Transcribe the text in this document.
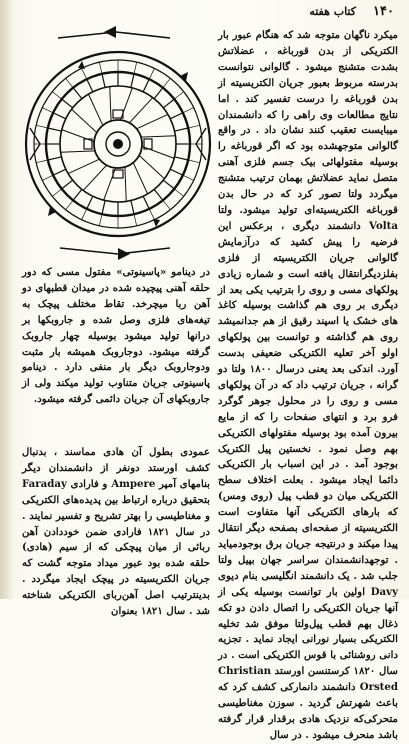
کتاب هفته ۱۴۰

میکرد ناگهان متوجه شد که هنگام عبور بار الکتریکی از بدن قورباغه ، عضلاتش بشدت متشنج میشود . گالوانی نتوانست بدرسته مربوط بعبور جریان الکتریسیته از بدن قورباغه را درست تفسیر کند . اما نتایج مطالعات وی راهی را که دانشمندان میبایست تعقیب کنند نشان داد . در واقع گالوانی متوجهشده بود که اگر قورباغه را بوسیله مفتولهائی بیک جسم فلزی آهنی متصل نماید عضلاتش بهمان ترتیب متشنج میگردد ولتا تصور کرد که در حال بدن قورباغه الکتریسیته‌ای تولید میشود. ولتا Volta دانشمند دیگری ، برعکس این فرضیه را پیش کشید که درآزمایش گالوانی جریان الکتریسیته از فلزی بفلزدیگرانتقال یافته است و شماره زیادی پولکهای مسی و روی را بترتیب یکی بعد از دیگری بر روی هم گذاشت بوسیله کاغذ های خشک یا اسپند رقیق از هم جدانمیشد روی هم گذاشته و توانست بین پولکهای اولو آخر تعلیه الکتریکی ضعیفی بدست آورد. اندکی بعد یعنی درسال ۱۸۰۰ ولتا دو گرانه ، جریان ترتیب داد که در آن پولکهای مسی و روی را در محلول جوهر گوگرد فرو برد و انتهای صفحات را که از مایع بیرون آمده بود بوسیله مفتولهای الکتریکی بهم وصل نمود . نخستین پیل الکتریک بوجود آمد . در این اسباب بار الکتریکی دائما ایجاد میشود . بعلت اختلاف سطح الکتریکی میان دو قطب پیل (روی ومس) که بارهای الکتریکی آنها متفاوت است الکتریسیته از صفحه‌ای بصفحه دیگر انتقال پیدا میکند و درنتیجه جریان برق بوجودمیاید . توجهدانشمندان سراسر جهان بپیل ولتا جلب شد . یک دانشمند انگلیسی بنام دیوی Davy اولین بار توانست بوسیله یکی از آنها جریان الکتریکی را اتصال دادن دو تکه ذغال بهم قطب پیل‌ولتا موفق شد تخلیه الکتریکی بسیار نورانی ایجاد نماید . تجزیه دانی روشنائی با قوس الکتریکی است . در سال ۱۸۲۰ کرستنسن اورستد Christian Orsted دانشمند دانمارکی کشف کرد که باعث شهرتش گردید . سوزن مغناطیسی متحرکی‌که نزدیک هادی برقدار قرار گرفته باشد منحرف میشود . در سال

در دینامو «پاسینوتی» مفتول مسی که دور حلقه آهنی پیچیده شده در میدان قطبهای دو آهن ربا میچرخد. تقاط مختلف پیچک به تیغه‌های فلزی وصل شده و جاروبکها بر درانها تولید میشود بوسیله چهار جاروبک گرفته میشود. دوجاروبک همیشه بار مثبت ودوجاروبک دیگر بار منفی دارد . دینامو پاسینوتی جریان متناوب تولید میکند ولی از جاروبکهای آن جریان دائمی گرفته میشود.

عمودی بطول آن هادی مماسند ، بدنبال کشف اورستد دونفر از دانشمندان دیگر بنامهای آمپر Ampere و فارادی Faraday بتحقیق درباره ارتباط بین پدیده‌های الکتریکی و مغناطیسی را بهتر تشریح و تفسیر نمایند . در سال ۱۸۲۱ فارادی ضمن خوددادن آهن ربائی از میان پیچکی که از سیم (هادی) حلقه شده بود عبور میداد متوجه گشت که جریان الکتریسیته در پیچک ایجاد میگردد . بدینترتیب اصل آهن‌ربای الکتریکی شناخته شد . سال ۱۸۲۱ بعنوان
